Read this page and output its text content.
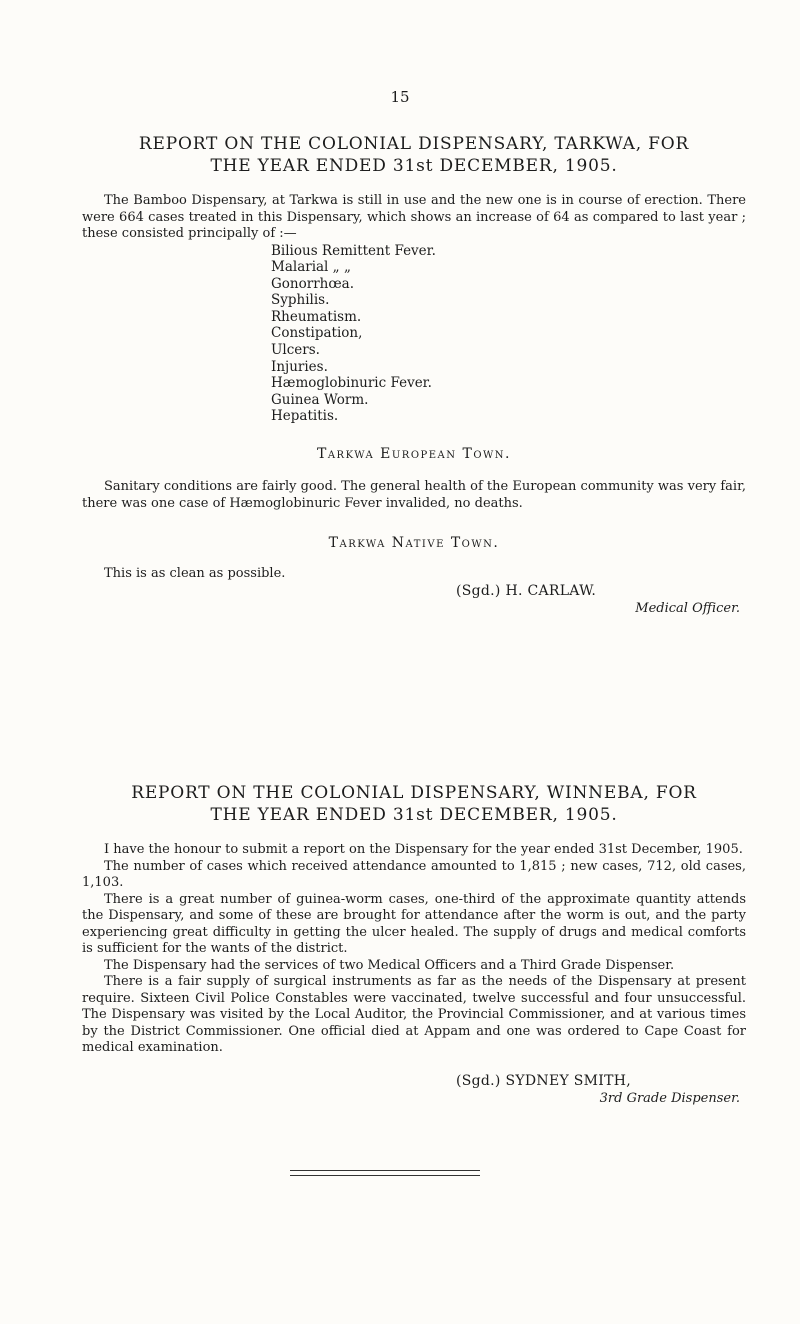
15
REPORT ON THE COLONIAL DISPENSARY, TARKWA, FOR
THE YEAR ENDED 31st DECEMBER, 1905.

The Bamboo Dispensary, at Tarkwa is still in use and the new one is in course of erection. There were 664 cases treated in this Dispensary, which shows an increase of 64 as compared to last year ; these consisted principally of :—

Bilious Remittent Fever.
Malarial „ „
Gonorrhœa.
Syphilis.
Rheumatism.
Constipation,
Ulcers.
Injuries.
Hæmoglobinuric Fever.
Guinea Worm.
Hepatitis.
Tarkwa European Town.

Sanitary conditions are fairly good. The general health of the European community was very fair, there was one case of Hæmoglobinuric Fever invalided, no deaths.

Tarkwa Native Town.

This is as clean as possible.

(Sgd.) H. CARLAW.
Medical Officer.
REPORT ON THE COLONIAL DISPENSARY, WINNEBA, FOR
THE YEAR ENDED 31st DECEMBER, 1905.

I have the honour to submit a report on the Dispensary for the year ended 31st December, 1905.

The number of cases which received attendance amounted to 1,815 ; new cases, 712, old cases, 1,103.

There is a great number of guinea-worm cases, one-third of the approximate quantity attends the Dispensary, and some of these are brought for attendance after the worm is out, and the party experiencing great difficulty in getting the ulcer healed. The supply of drugs and medical comforts is sufficient for the wants of the district.

The Dispensary had the services of two Medical Officers and a Third Grade Dispenser.

There is a fair supply of surgical instruments as far as the needs of the Dispensary at present require. Sixteen Civil Police Constables were vaccinated, twelve successful and four unsuccessful. The Dispensary was visited by the Local Auditor, the Provincial Commissioner, and at various times by the District Commissioner. One official died at Appam and one was ordered to Cape Coast for medical examination.

(Sgd.) SYDNEY SMITH,
3rd Grade Dispenser.
